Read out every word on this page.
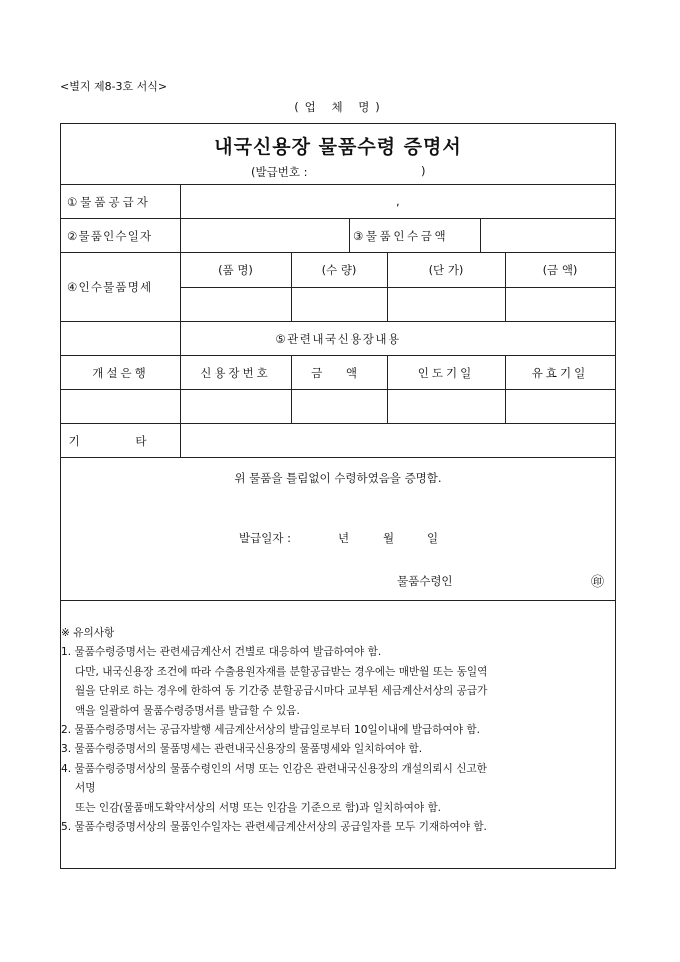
<별지 제8-3호 서식>
(업 체 명)
내국신용장 물품수령 증명서
(발급번호 :	)
①물품공급자	,
②물품인수일자	③물품인수금액
④인수물품명세
(품 명)	(수 량)	(단 가)	(금 액)
⑤관련내국신용장내용
개설은행	신용장번호	금 액	인도기일	유효기일
기 타
위 물품을 틀림없이 수령하였음을 증명함.
발급일자 :	년	월	일
물품수령인	㊞
※ 유의사항
1. 물품수령증명서는 관련세금계산서 건별로 대응하여 발급하여야 함.
다만, 내국신용장 조건에 따라 수출용원자재를 분할공급받는 경우에는 매반월 또는 동일역
월을 단위로 하는 경우에 한하여 동 기간중 분할공급시마다 교부된 세금계산서상의 공급가
액을 일괄하여 물품수령증명서를 발급할 수 있음.
2. 물품수령증명서는 공급자발행 세금계산서상의 발급일로부터 10일이내에 발급하여야 함.
3. 물품수령증명서의 물품명세는 관련내국신용장의 물품명세와 일치하여야 함.
4. 물품수령증명서상의 물품수령인의 서명 또는 인감은 관련내국신용장의 개설의뢰시 신고한
서명
또는 인감(물품매도확약서상의 서명 또는 인감을 기준으로 함)과 일치하여야 함.
5. 물품수령증명서상의 물품인수일자는 관련세금계산서상의 공급일자를 모두 기재하여야 함.
